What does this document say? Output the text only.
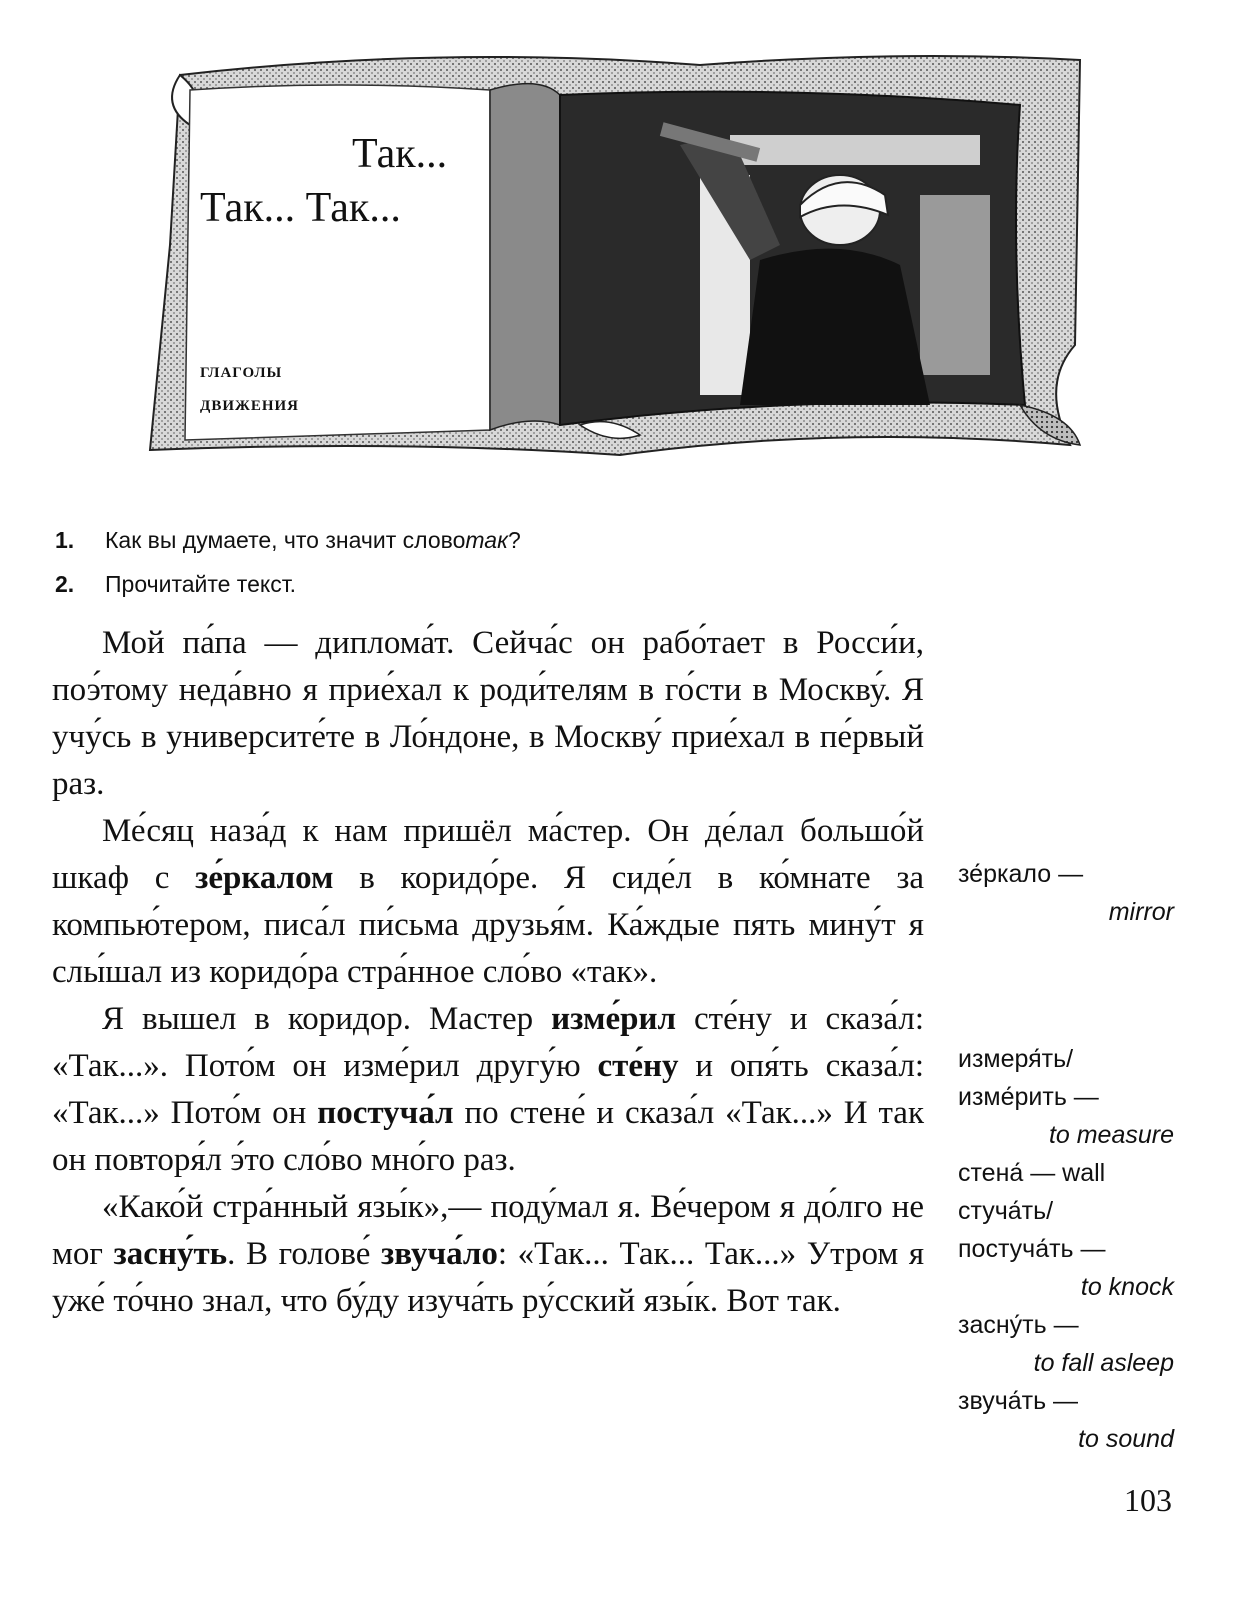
Так...
Так... Так...
глаголы
движения
1.	Как вы думаете, что значит слово так ?
2.	Прочитайте текст.

Мой па́па — диплома́т. Сейча́с он рабо́тает в Росси́и, поэ́тому неда́вно я прие́хал к роди́телям в го́сти в Москву́. Я учу́сь в университе́те в Ло́ндоне, в Москву́ прие́хал в пе́рвый раз.

Ме́сяц наза́д к нам пришёл ма́стер. Он де́лал большо́й шкаф с зе́ркалом в коридо́ре. Я сиде́л в ко́мнате за компью́тером, писа́л пи́сьма друзья́м. Ка́ждые пять мину́т я слы́шал из коридо́ра стра́нное сло́во «так».

Я вышел в коридор. Мастер изме́рил сте́ну и сказа́л: «Так...». Пото́м он изме́рил другу́ю сте́ну и опя́ть сказа́л: «Так...» Пото́м он постуча́л по стене́ и сказа́л «Так...» И так он повторя́л э́то сло́во мно́го раз.

«Како́й стра́нный язы́к»,— поду́мал я. Ве́чером я до́лго не мог засну́ть. В голове́ звуча́ло: «Так... Так... Так...» Утром я уже́ то́чно знал, что бу́ду изуча́ть ру́сский язы́к. Вот так.

зе́ркало —
mirror
измеря́ть/
изме́рить —
to measure
стена́ — wall
стуча́ть/
постуча́ть —
to knock
засну́ть —
to fall asleep
звуча́ть —
to sound
103
